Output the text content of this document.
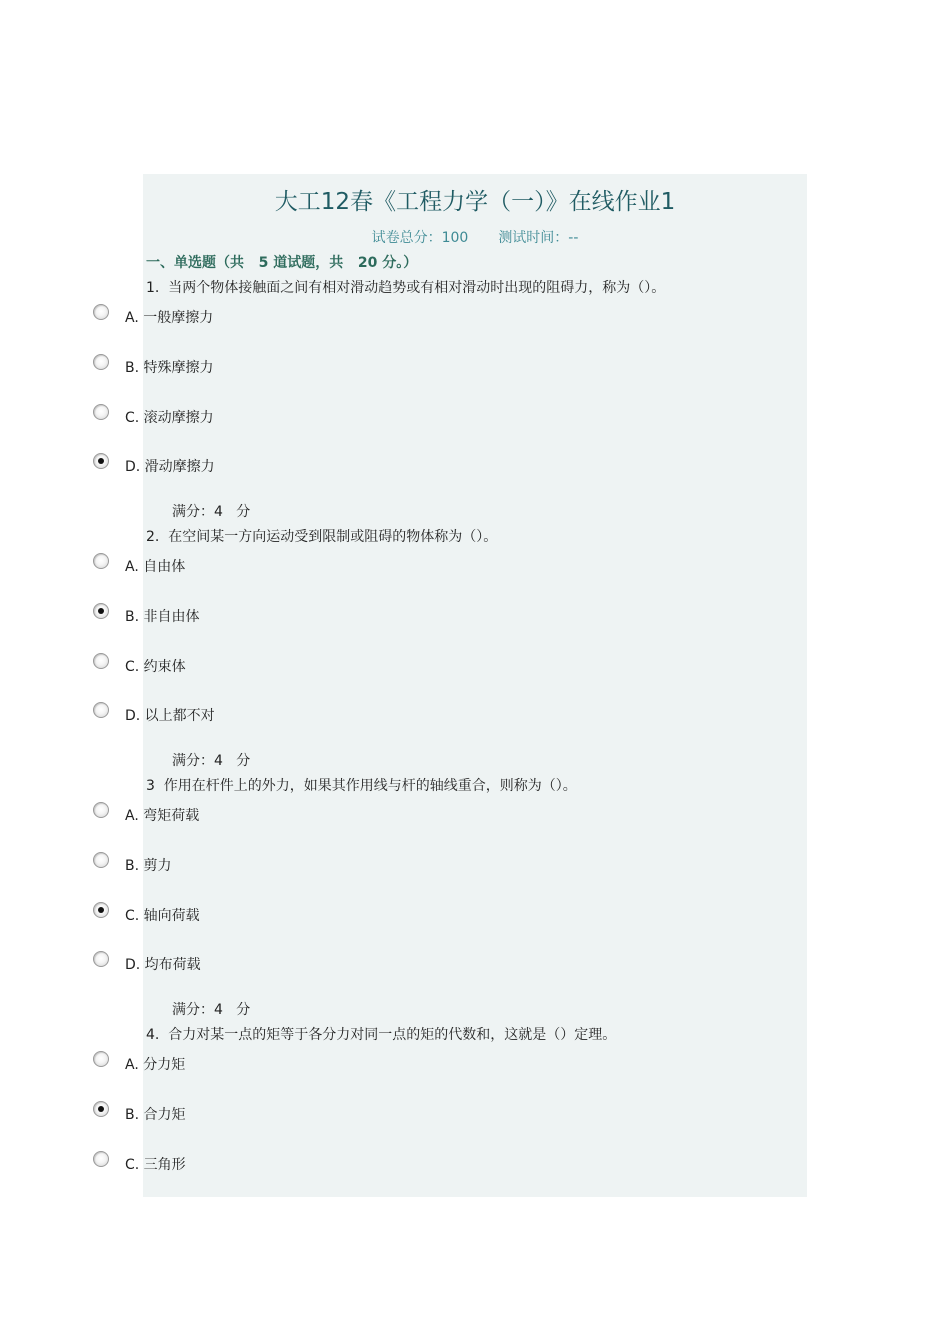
大工12春《工程力学（一）》在线作业1
试卷总分：100 测试时间：--
一、单选题（共   5 道试题，共   20 分。）
1.  当两个物体接触面之间有相对滑动趋势或有相对滑动时出现的阻碍力，称为（）。
A. 一般摩擦力
B. 特殊摩擦力
C. 滚动摩擦力
D. 滑动摩擦力
满分：4   分
2.  在空间某一方向运动受到限制或阻碍的物体称为（）。
A. 自由体
B. 非自由体
C. 约束体
D. 以上都不对
满分：4   分
3  作用在杆件上的外力，如果其作用线与杆的轴线重合，则称为（）。
A. 弯矩荷载
B. 剪力
C. 轴向荷载
D. 均布荷载
满分：4   分
4.  合力对某一点的矩等于各分力对同一点的矩的代数和，这就是（）定理。
A. 分力矩
B. 合力矩
C. 三角形
